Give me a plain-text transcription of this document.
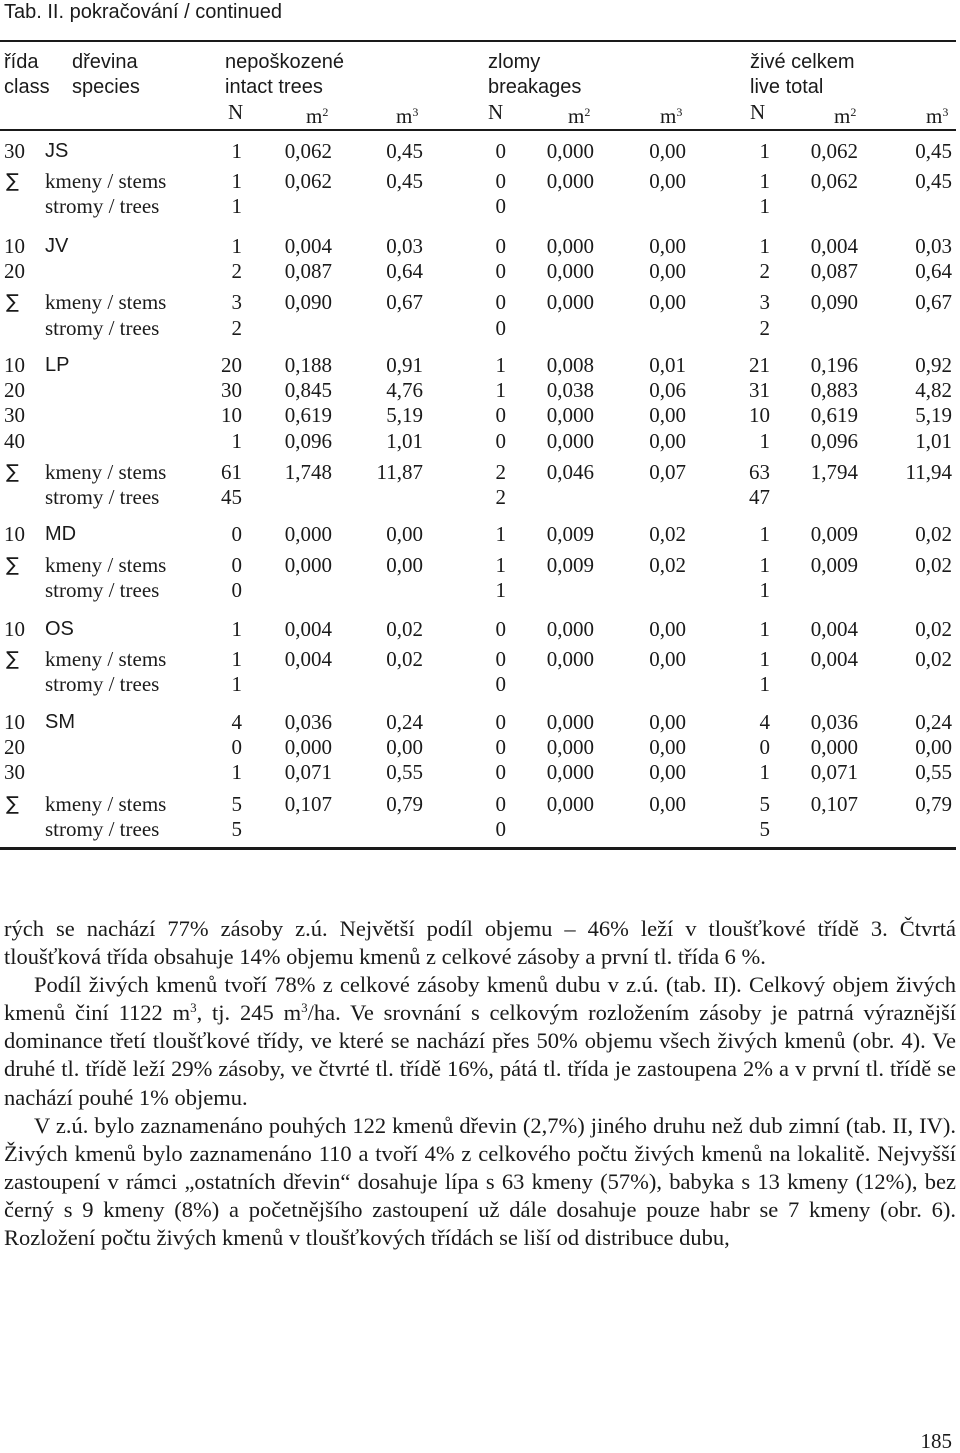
Tab. II. pokračování / continued
řída
class
dřevina
species
nepoškozené
intact trees
zlomy
breakages
živé celkem
live total
N	$m^2$	$m^3$	N	$m^2$	$m^3$	N	$m^2$	$m^3$
30 JS	1 0,062	0,45	0 0,000	0,00	1 0,062	0,45
∑ kmeny / stems	1 0,062	0,45	0 0,000	0,00	1 0,062	0,45
stromy / trees	1	0	1
10 JV	1 0,004	0,03	0 0,000	0,00	1 0,004	0,03
20	2 0,087	0,64	0 0,000	0,00	2 0,087	0,64
∑ kmeny / stems	3 0,090	0,67	0 0,000	0,00	3 0,090	0,67
stromy / trees	2	0	2
10 LP	20 0,188	0,91	1 0,008	0,01	21 0,196	0,92
20	30 0,845	4,76	1 0,038	0,06	31 0,883	4,82
30	10 0,619	5,19	0 0,000	0,00	10 0,619	5,19
40	1 0,096	1,01	0 0,000	0,00	1 0,096	1,01
∑ kmeny / stems	61 1,748 11,87	2 0,046	0,07	63 1,794 11,94
stromy / trees	45	2	47
10 MD	0 0,000	0,00	1 0,009	0,02	1 0,009	0,02
∑ kmeny / stems	0 0,000	0,00	1 0,009	0,02	1 0,009	0,02
stromy / trees	0	1	1
10 OS	1 0,004	0,02	0 0,000	0,00	1 0,004	0,02
∑ kmeny / stems	1 0,004	0,02	0 0,000	0,00	1 0,004	0,02
stromy / trees	1	0	1
10 SM	4 0,036	0,24	0 0,000	0,00	4 0,036	0,24
20	0 0,000	0,00	0 0,000	0,00	0 0,000	0,00
30	1 0,071	0,55	0 0,000	0,00	1 0,071	0,55
∑ kmeny / stems	5 0,107	0,79	0 0,000	0,00	5 0,107	0,79
stromy / trees	5	0	5

rých se nachází 77% zásoby z.ú. Největší podíl objemu – 46% leží v tloušťkové třídě 3. Čtvrtá tloušťková třída obsahuje 14% objemu kmenů z celkové zásoby a první tl. třída 6 %.

Podíl živých kmenů tvoří 78% z celkové zásoby kmenů dubu v z.ú. (tab. II). Celkový objem živých kmenů činí 1122 $m^3$, tj. 245 $m^3/ha$. Ve srovnání s celkovým rozložením zásoby je patrná výraznější dominance třetí tloušťkové třídy, ve které se nachází přes 50% objemu všech živých kmenů (obr. 4). Ve druhé tl. třídě leží 29% zásoby, ve čtvrté tl. třídě 16%, pátá tl. třída je zastoupena 2% a v první tl. třídě se nachází pouhé 1% objemu.

V z.ú. bylo zaznamenáno pouhých 122 kmenů dřevin (2,7%) jiného druhu než dub zimní (tab. II, IV). Živých kmenů bylo zaznamenáno 110 a tvoří 4% z celkového počtu živých kmenů na lokalitě. Nejvyšší zastoupení v rámci „ostatních dřevin“ dosahuje lípa s 63 kmeny (57%), babyka s 13 kmeny (12%), bez černý s 9 kmeny (8%) a početnějšího zastoupení už dále dosahuje pouze habr se 7 kmeny (obr. 6). Rozložení počtu živých kmenů v tloušťkových třídách se liší od distribuce dubu,

185
